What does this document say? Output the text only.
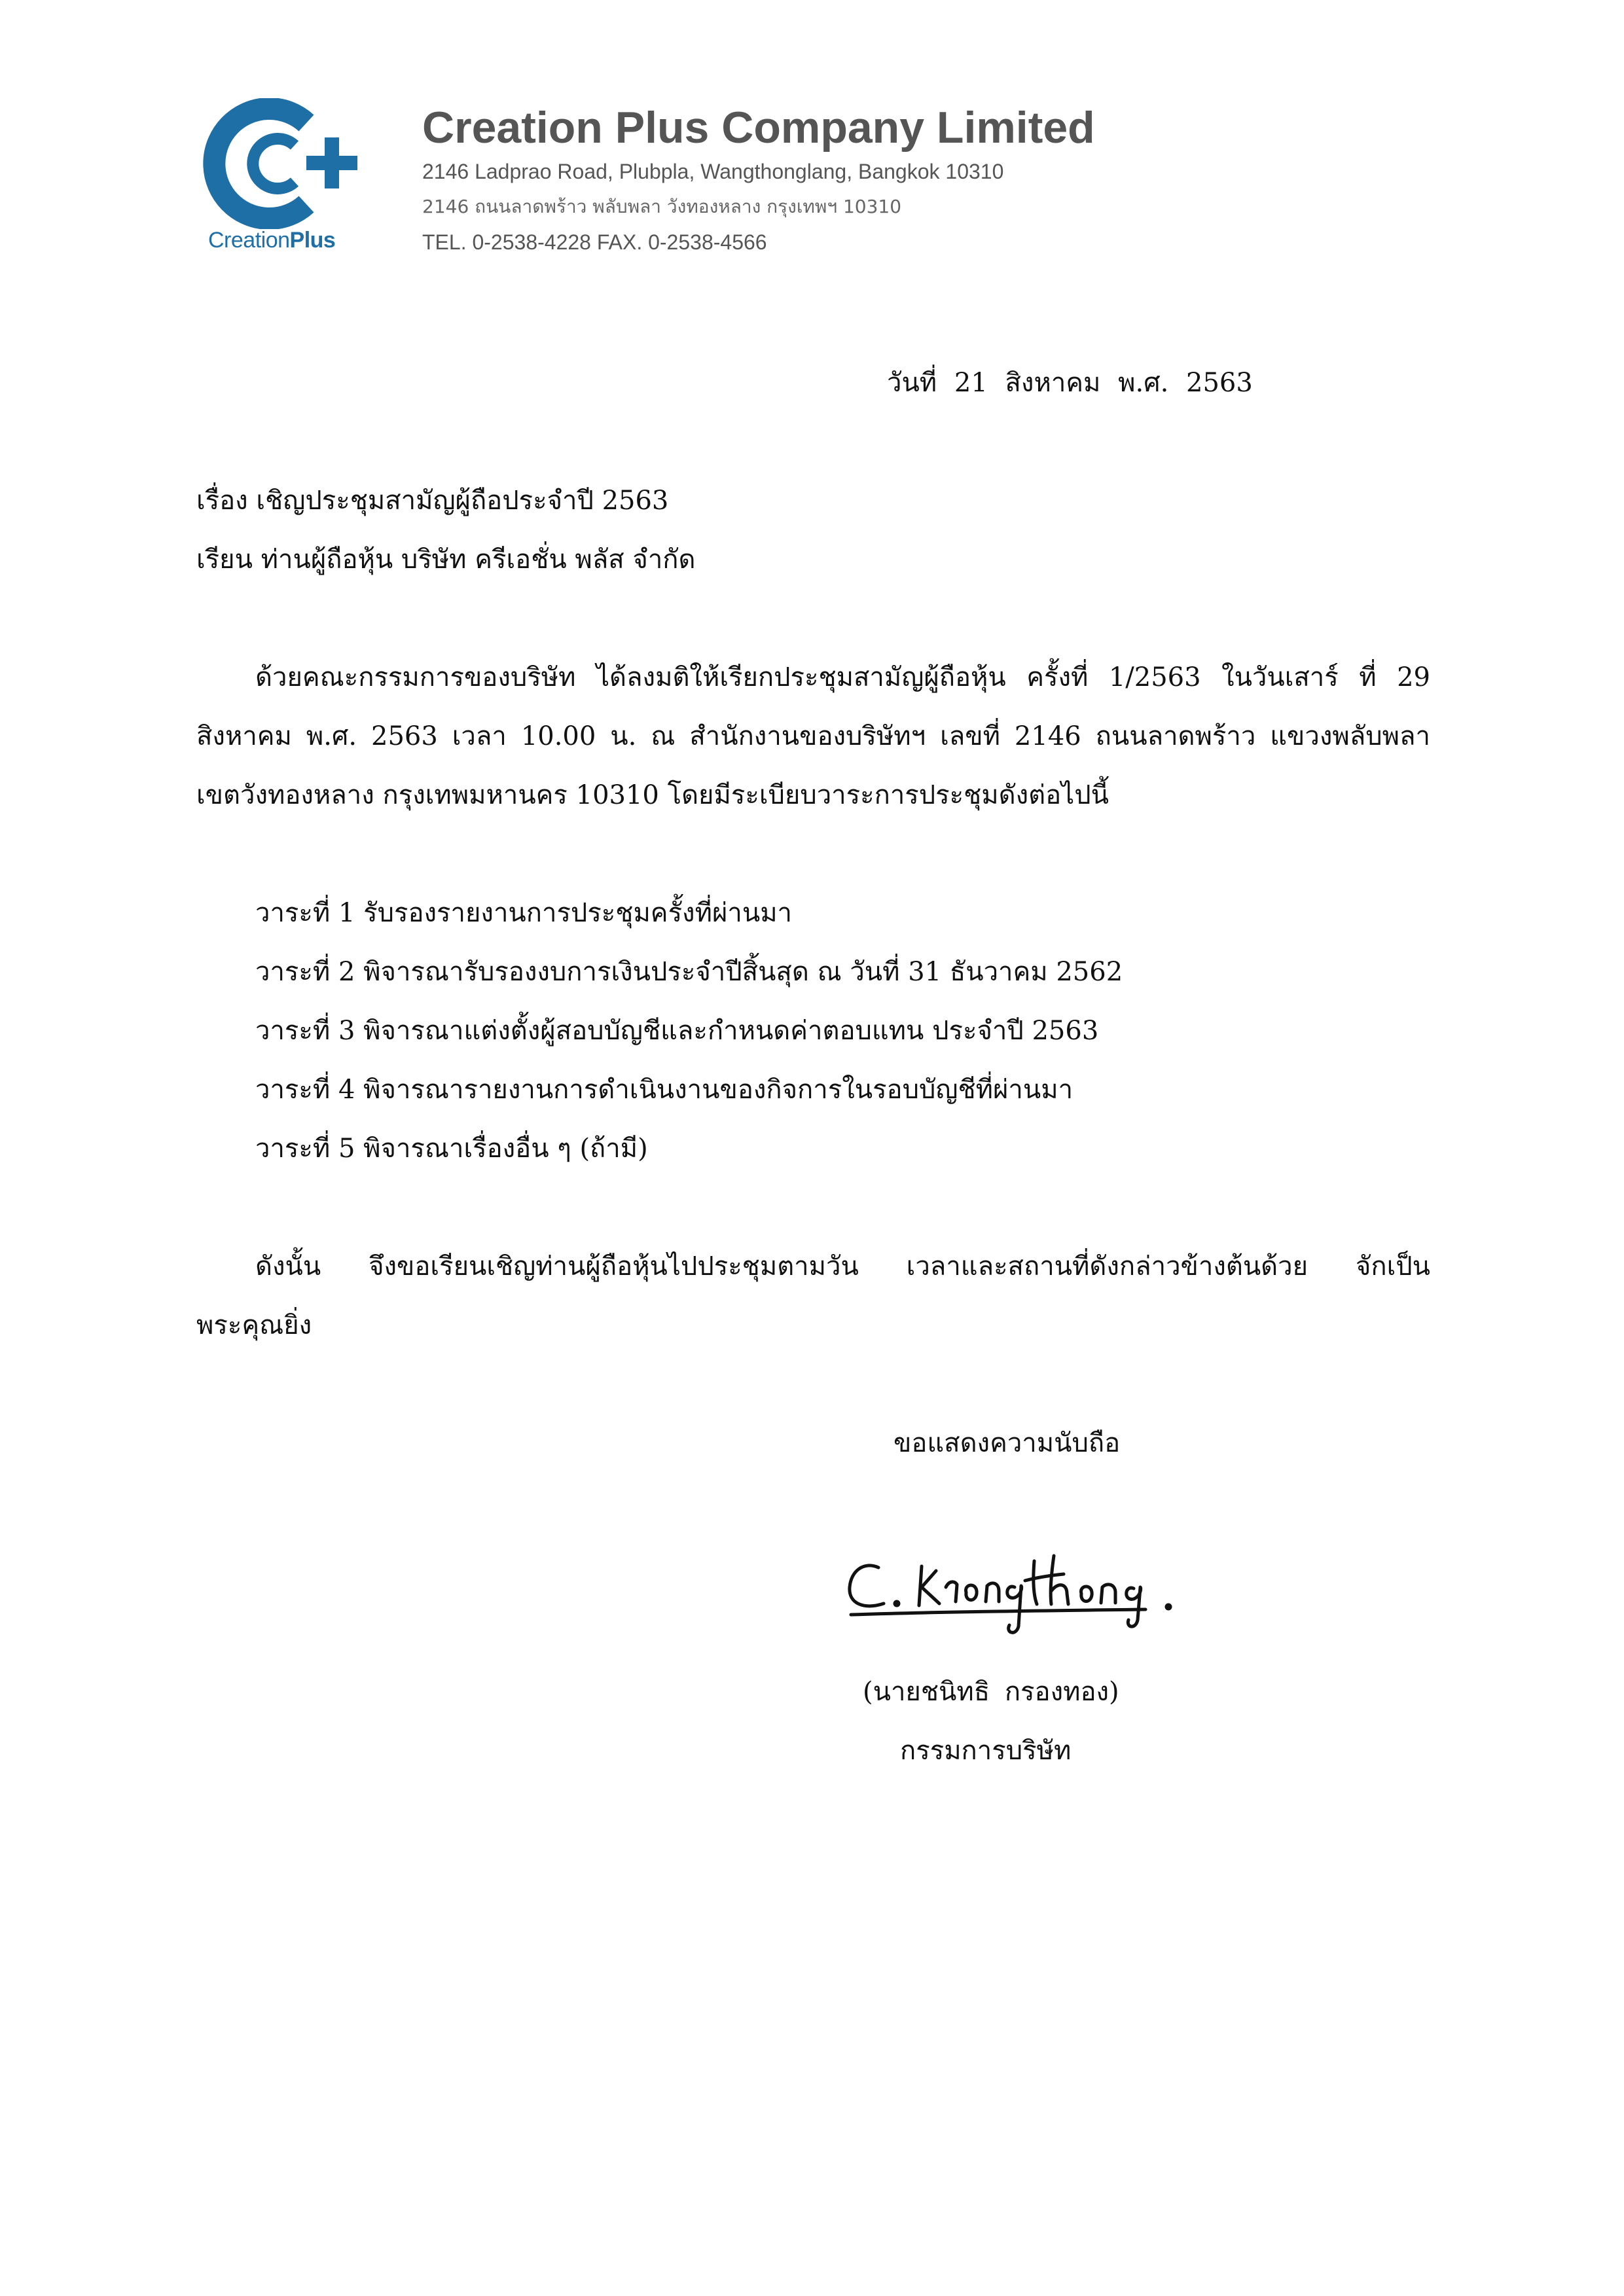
CreationPlus
Creation Plus Company Limited
2146 Ladprao Road, Plubpla, Wangthonglang, Bangkok 10310
2146 ถนนลาดพร้าว พลับพลา วังทองหลาง กรุงเทพฯ 10310
TEL. 0-2538-4228 FAX. 0-2538-4566
วันที่ 21 สิงหาคม พ.ศ. 2563
เรื่อง เชิญประชุมสามัญผู้ถือประจำปี 2563
เรียน ท่านผู้ถือหุ้น บริษัท ครีเอชั่น พลัส จำกัด
ด้วยคณะกรรมการของบริษัท ได้ลงมติให้เรียกประชุมสามัญผู้ถือหุ้น ครั้งที่ 1/2563 ในวันเสาร์ ที่ 29
สิงหาคม พ.ศ. 2563 เวลา 10.00 น. ณ สำนักงานของบริษัทฯ เลขที่ 2146 ถนนลาดพร้าว แขวงพลับพลา
เขตวังทองหลาง กรุงเทพมหานคร 10310 โดยมีระเบียบวาระการประชุมดังต่อไปนี้
วาระที่ 1 รับรองรายงานการประชุมครั้งที่ผ่านมา
วาระที่ 2 พิจารณารับรองงบการเงินประจำปีสิ้นสุด ณ วันที่ 31 ธันวาคม 2562
วาระที่ 3 พิจารณาแต่งตั้งผู้สอบบัญชีและกำหนดค่าตอบแทน ประจำปี 2563
วาระที่ 4 พิจารณารายงานการดำเนินงานของกิจการในรอบบัญชีที่ผ่านมา
วาระที่ 5 พิจารณาเรื่องอื่น ๆ (ถ้ามี)
ดังนั้น จึงขอเรียนเชิญท่านผู้ถือหุ้นไปประชุมตามวัน เวลาและสถานที่ดังกล่าวข้างต้นด้วย จักเป็น
พระคุณยิ่ง
ขอแสดงความนับถือ
(นายชนิทธิ กรองทอง)
กรรมการบริษัท
